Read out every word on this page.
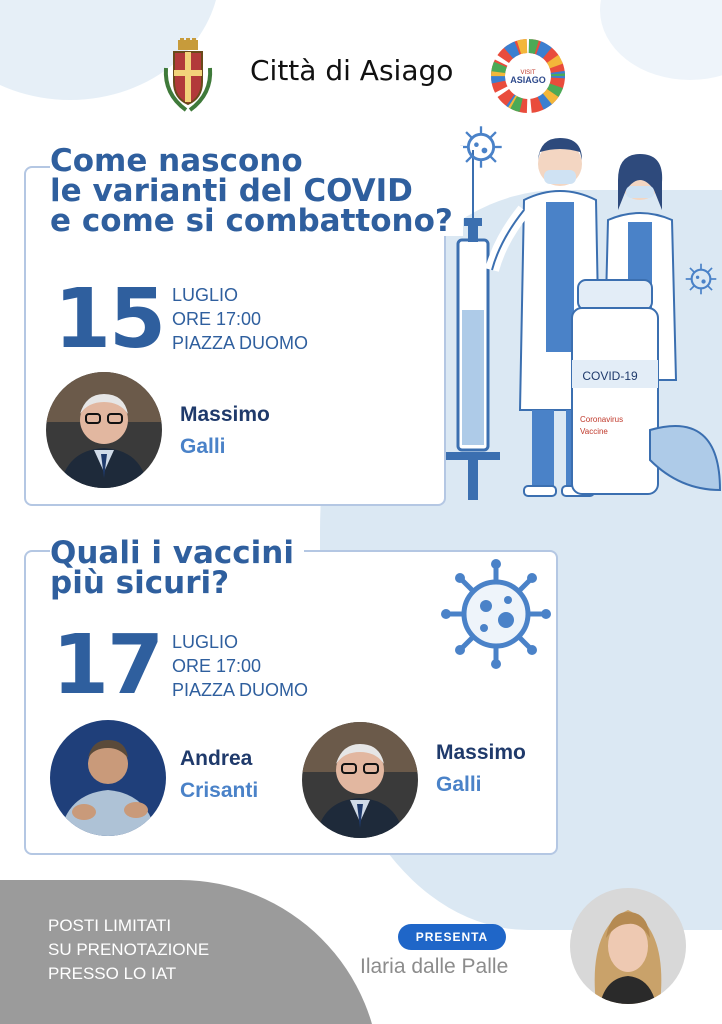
Città di Asiago	VISIT
ASIAGO
COVID-19
Coronavirus
Vaccine
Come nascono
le varianti del COVID
e come si combattono?
15 LUGLIO
ORE 17:00
PIAZZA DUOMO
Massimo
Galli
Quali i vaccini
più sicuri?
17 LUGLIO
ORE 17:00
PIAZZA DUOMO
Andrea
Crisanti
Massimo
Galli
POSTI LIMITATI
SU PRENOTAZIONE
PRESSO LO IAT
PRESENTA
Ilaria dalle Palle
